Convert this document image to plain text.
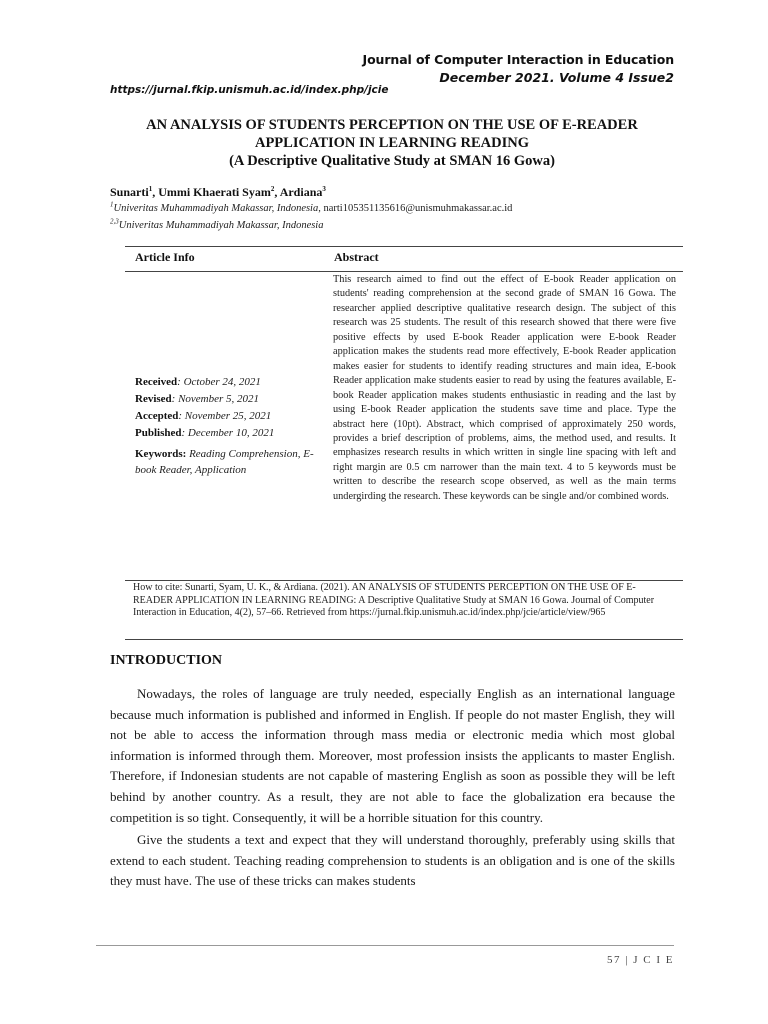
Journal of Computer Interaction in Education
December 2021. Volume 4 Issue2
https://jurnal.fkip.unismuh.ac.id/index.php/jcie
AN ANALYSIS OF STUDENTS PERCEPTION ON THE USE OF E-READER
APPLICATION IN LEARNING READING
(A Descriptive Qualitative Study at SMAN 16 Gowa)
Sunarti$^1$, Ummi Khaerati Syam$^2$, Ardiana$^3$
$^1$Univeritas Muhammadiyah Makassar, Indonesia, narti105351135616@unismuhmakassar.ac.id
$^{2,3}$Univeritas Muhammadiyah Makassar, Indonesia
Article Info	Abstract
Received: October 24, 2021
Revised: November 5, 2021
Accepted: November 25, 2021
Published: December 10, 2021
Keywords: Reading Comprehension, E-book Reader, Application
This research aimed to find out the effect of E-book Reader application on students' reading comprehension at the second grade of SMAN 16 Gowa. The researcher applied descriptive qualitative research design. The subject of this research was 25 students. The result of this research showed that there were five positive effects by used E-book Reader application were E-book Reader application makes the students read more effectively, E-book Reader application makes easier for students to identify reading structures and main idea, E-book Reader application make students easier to read by using the features available, E-book Reader application makes students enthusiastic in reading and the last by using E-book Reader application the students save time and place. Type the abstract here (10pt). Abstract, which comprised of approximately 250 words, provides a brief description of problems, aims, the method used, and results. It emphasizes research results in which written in single line spacing with left and right margin are 0.5 cm narrower than the main text. 4 to 5 keywords must be written to describe the research scope observed, as well as the main terms undergirding the research. These keywords can be single and/or combined words.
How to cite: Sunarti, Syam, U. K., & Ardiana. (2021). AN ANALYSIS OF STUDENTS PERCEPTION ON THE USE OF E-READER APPLICATION IN LEARNING READING: A Descriptive Qualitative Study at SMAN 16 Gowa. Journal of Computer Interaction in Education, 4(2), 57–66. Retrieved from https://jurnal.fkip.unismuh.ac.id/index.php/jcie/article/view/965
INTRODUCTION

Nowadays, the roles of language are truly needed, especially English as an international language because much information is published and informed in English. If people do not master English, they will not be able to access the information through mass media or electronic media which most global information is informed through them. Moreover, most profession insists the applicants to master English. Therefore, if Indonesian students are not capable of mastering English as soon as possible they will be left behind by another country. As a result, they are not able to face the globalization era because the competition is so tight. Consequently, it will be a horrible situation for this country.

Give the students a text and expect that they will understand thoroughly, preferably using skills that extend to each student. Teaching reading comprehension to students is an obligation and is one of the skills they must have. The use of these tricks can makes students

57 | J C I E
